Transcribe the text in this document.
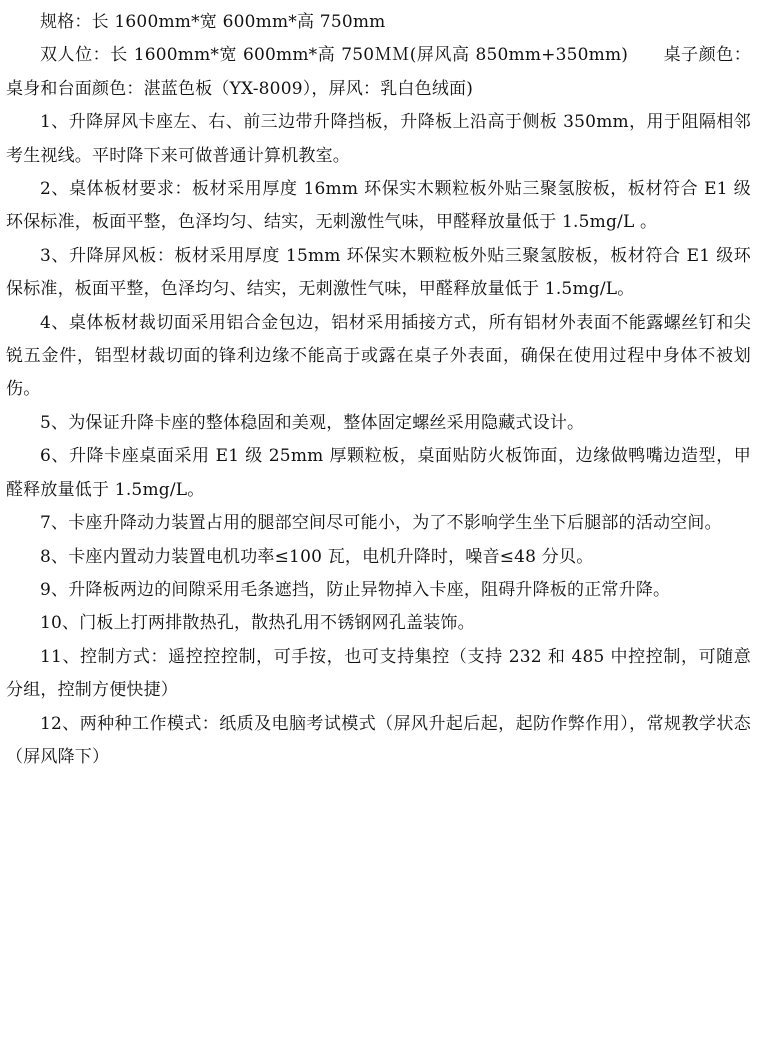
规格：长 1600mm*宽 600mm*高 750mm

双人位：长 1600mm*宽 600mm*高 750ＭＭ(屏风高 850mm+350mm)　　桌子颜色：桌身和台面颜色：湛蓝色板（YX-8009），屏风：乳白色绒面)

1、升降屏风卡座左、右、前三边带升降挡板，升降板上沿高于侧板 350mm，用于阻隔相邻考生视线。平时降下来可做普通计算机教室。

2、桌体板材要求：板材采用厚度 16mm 环保实木颗粒板外贴三聚氢胺板，板材符合 E1 级环保标准，板面平整，色泽均匀、结实，无刺激性气味，甲醛释放量低于 1.5mg/L 。

3、升降屏风板：板材采用厚度 15mm 环保实木颗粒板外贴三聚氢胺板，板材符合 E1 级环保标准，板面平整，色泽均匀、结实，无刺激性气味，甲醛释放量低于 1.5mg/L。

4、桌体板材裁切面采用铝合金包边，铝材采用插接方式，所有铝材外表面不能露螺丝钉和尖锐五金件，铝型材裁切面的锋利边缘不能高于或露在桌子外表面，确保在使用过程中身体不被划伤。

5、为保证升降卡座的整体稳固和美观，整体固定螺丝采用隐藏式设计。

6、升降卡座桌面采用 E1 级 25mm 厚颗粒板，桌面贴防火板饰面，边缘做鸭嘴边造型，甲醛释放量低于 1.5mg/L。

7、卡座升降动力装置占用的腿部空间尽可能小，为了不影响学生坐下后腿部的活动空间。

8、卡座内置动力装置电机功率≤100 瓦，电机升降时，噪音≤48 分贝。

9、升降板两边的间隙采用毛条遮挡，防止异物掉入卡座，阻碍升降板的正常升降。

10、门板上打两排散热孔，散热孔用不锈钢网孔盖装饰。

11、控制方式：遥控控控制，可手按，也可支持集控（支持 232 和 485 中控控制，可随意分组，控制方便快捷）

12、两种种工作模式：纸质及电脑考试模式（屏风升起后起，起防作弊作用），常规教学状态（屏风降下）
